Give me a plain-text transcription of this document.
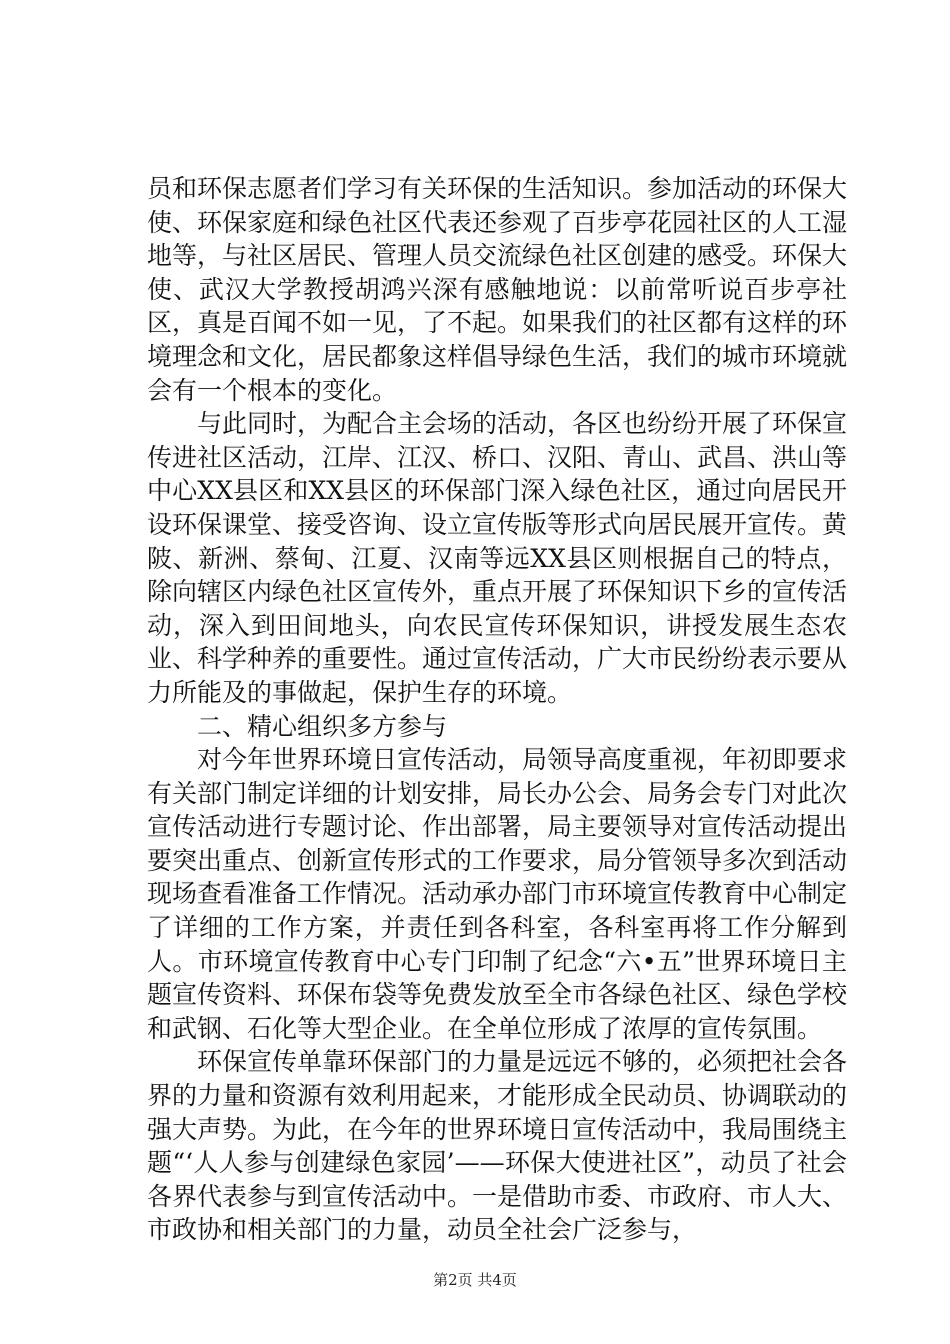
员和环保志愿者们学习有关环保的生活知识。参加活动的环保大使、环保家庭和绿色社区代表还参观了百步亭花园社区的人工湿地等，与社区居民、管理人员交流绿色社区创建的感受。环保大使、武汉大学教授胡鸿兴深有感触地说：以前常听说百步亭社区，真是百闻不如一见，了不起。如果我们的社区都有这样的环境理念和文化，居民都象这样倡导绿色生活，我们的城市环境就会有一个根本的变化。

与此同时，为配合主会场的活动，各区也纷纷开展了环保宣传进社区活动，江岸、江汉、桥口、汉阳、青山、武昌、洪山等中心XX县区和XX县区的环保部门深入绿色社区，通过向居民开设环保课堂、接受咨询、设立宣传版等形式向居民展开宣传。黄陂、新洲、蔡甸、江夏、汉南等远XX县区则根据自己的特点，除向辖区内绿色社区宣传外，重点开展了环保知识下乡的宣传活动，深入到田间地头，向农民宣传环保知识，讲授发展生态农业、科学种养的重要性。通过宣传活动，广大市民纷纷表示要从力所能及的事做起，保护生存的环境。

二、精心组织多方参与

对今年世界环境日宣传活动，局领导高度重视，年初即要求有关部门制定详细的计划安排，局长办公会、局务会专门对此次宣传活动进行专题讨论、作出部署，局主要领导对宣传活动提出要突出重点、创新宣传形式的工作要求，局分管领导多次到活动现场查看准备工作情况。活动承办部门市环境宣传教育中心制定了详细的工作方案，并责任到各科室，各科室再将工作分解到人。市环境宣传教育中心专门印制了纪念“六•五”世界环境日主题宣传资料、环保布袋等免费发放至全市各绿色社区、绿色学校和武钢、石化等大型企业。在全单位形成了浓厚的宣传氛围。

环保宣传单靠环保部门的力量是远远不够的，必须把社会各界的力量和资源有效利用起来，才能形成全民动员、协调联动的强大声势。为此，在今年的世界环境日宣传活动中，我局围绕主题“‘人人参与创建绿色家园’——环保大使进社区”，动员了社会各界代表参与到宣传活动中。一是借助市委、市政府、市人大、市政协和相关部门的力量，动员全社会广泛参与，

第2页 共4页
